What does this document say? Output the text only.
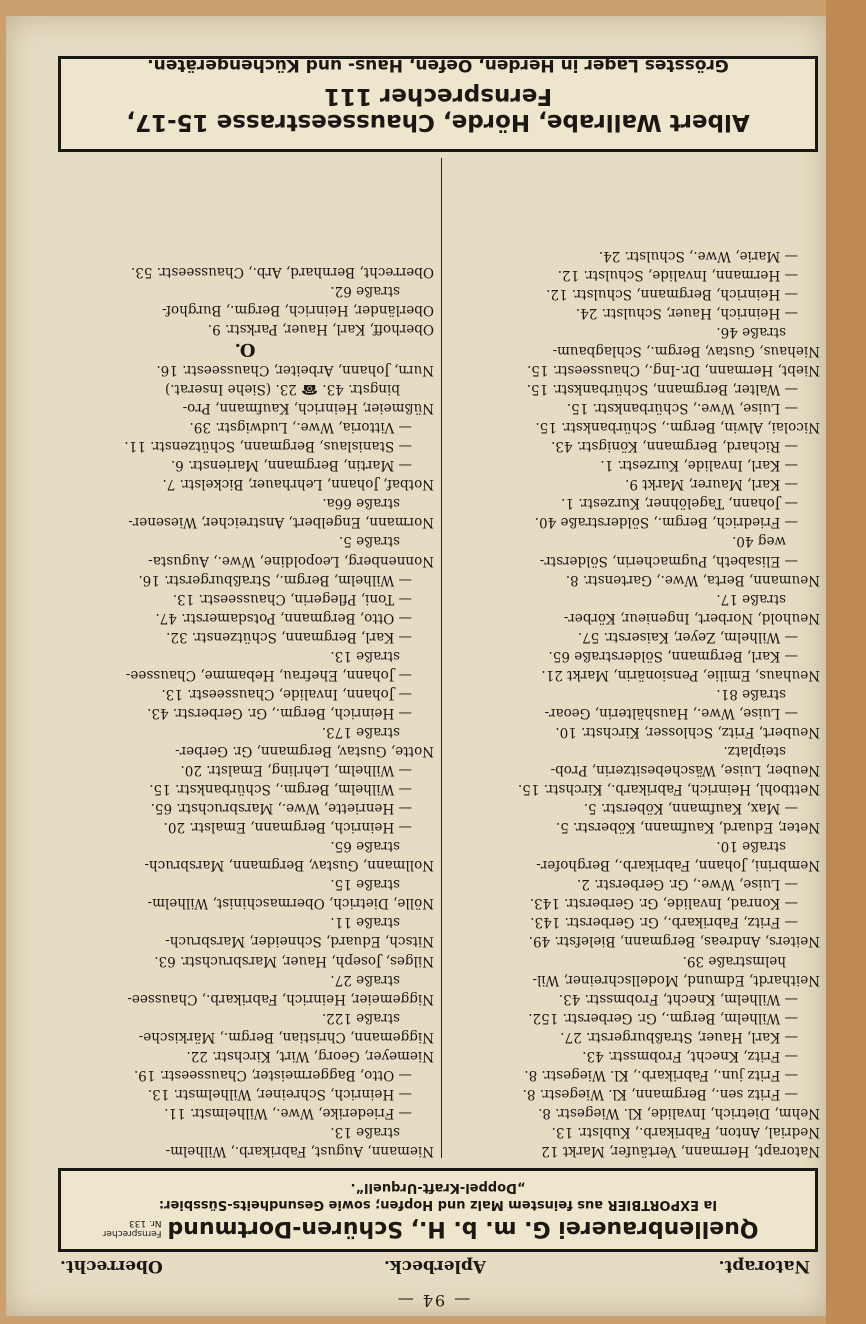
— 94 —
Natorapt.
Aplerbeck.
Oberrecht.
Quellenbrauerei G. m. b. H., Schüren-DortmundFernsprecher Nr. 133
Ia EXPORTBIER aus feinstem Malz und Hopfen; sowie Gesundheits-Süssbier:
„Doppel-Kraft-Urquell“.
Natorapt, Hermann, Vertäufer, Markt 12
Nedrial, Anton, Fabrikarb., Kublstr. 13.
Nehm, Dietrich, Invalide, Kl. Wiegestr. 8.
— Fritz sen., Bergmann, Kl. Wiegestr. 8.
— Fritz jun., Fabrikarb., Kl. Wiegestr. 8.
— Fritz, Knecht, Frobmsstr. 43.
— Karl, Hauer, Straßburgerstr. 27.
— Wilhelm, Bergm., Gr. Gerberstr. 152.
— Wilhelm, Knecht, Frobmsstr. 43.
Neithardt, Edmund, Modellschreiner, Wil-
helmstraße 39.
Neiters, Andreas, Bergmann, Bielefstr. 49.
— Fritz, Fabrikarb., Gr. Gerberstr. 143.
— Konrad, Invalide, Gr. Gerberstr. 143.
— Luise, Wwe., Gr. Gerberstr. 2.
Nembrini, Johann, Fabrikarb., Berghofer-
straße 10.
Neter, Eduard, Kaufmann, Köberstr. 5.
— Max, Kaufmann, Köberstr. 5.
Nettbohl, Heinrich, Fabrikarb., Kirchstr. 15.
Neuber, Luise, Wäschebesitzerin, Prob-
steiplatz.
Neubert, Fritz, Schlosser, Kirchstr. 10.
— Luise, Wwe., Haushälterin, Geoar-
straße 81.
Neuhaus, Emilie, Pensionärin, Markt 21.
— Karl, Bergmann, Sölderstraße 65.
— Wilhelm, Zeyer, Kaiserstr. 57.
Neuhold, Norbert, Ingenieur, Körber-
straße 17.
Neumann, Berta, Wwe., Gartenstr. 8.
— Elisabeth, Pugmacherin, Sölderstr-
weg 40.
— Friedrich, Bergm., Sölderstraße 40.
— Johann, Tagelöhner, Kurzestr. 1.
— Karl, Maurer, Markt 9.
— Karl, Invalide, Kurzestr. 1.
— Richard, Bergmann, Königstr. 43.
Nicolai, Alwin, Bergm., Schürbankstr. 15.
— Luise, Wwe., Schürbankstr. 15.
— Walter, Bergmann, Schürbankstr. 15.
Niebt, Hermann, Dr.-Ing., Chausseestr. 15.
Niehaus, Gustav, Bergm., Schlagbaum-
straße 46.
— Heinrich, Hauer, Schulstr. 24.
— Heinrich, Bergmann, Schulstr. 12.
— Hermann, Invalide, Schulstr. 12.
— Marie, Wwe., Schulstr. 24.
Niemann, August, Fabrikarb., Wilhelm-
straße 13.
— Friederike, Wwe., Wilhelmstr. 11.
— Heinrich, Schreiner, Wilhelmstr. 13.
— Otto, Baggermeister, Chausseestr. 19.
Niemeyer, Georg, Wirt, Kirchstr. 22.
Niggemann, Christian, Bergm., Märkische-
straße 122.
Niggemeier, Heinrich, Fabrikarb., Chaussee-
straße 27.
Nilges, Joseph, Hauer, Marsbruchstr. 63.
Nitsch, Eduard, Schneider, Marsbruch-
straße 11.
Nölle, Dietrich, Obermaschinist, Wilhelm-
straße 15.
Nollmann, Gustav, Bergmann, Marsbruch-
straße 65.
— Heinrich, Bergmann, Emalstr. 20.
— Henriette, Wwe., Marsbruchstr. 65.
— Wilhelm, Bergm., Schürbankstr. 15.
— Wilhelm, Lehrling, Emalstr. 20.
Notte, Gustav, Bergmann, Gr. Gerber-
straße 173.
— Heinrich, Bergm., Gr. Gerberstr. 43.
— Johann, Invalide, Chausseestr. 13.
— Johann, Ehefrau, Hebamme, Chaussee-
straße 13.
— Karl, Bergmann, Schützenstr. 32.
— Otto, Bergmann, Potsdamerstr. 47.
— Toni, Pflegerin, Chausseestr. 13.
— Wilhelm, Bergm., Straßburgerstr. 16.
Nonnenberg, Leopoldine, Wwe., Augusta-
straße 5.
Normann, Engelbert, Anstreicher, Wiesener-
straße 66a.
Notbaf, Johann, Lehrhauer, Bickelstr. 7.
— Martin, Bergmann, Marienstr. 6.
— Stanislaus, Bergmann, Schützenstr. 11.
— Vittoria, Wwe., Ludwigstr. 39.
Nüßmeier, Heinrich, Kaufmann, Pro-
bingstr. 43. ☎ 23. (Siehe Inserat.)
Nurn, Johann, Arbeiter, Chausseestr. 16.
O.
Oberhoff, Karl, Hauer, Parkstr. 9.
Oberländer, Heinrich, Bergm., Burghof-
straße 62.
Oberrecht, Bernhard, Arb., Chausseestr. 53.
Albert Wallrabe, Hörde, Chausseestrasse 15-17, Fernsprecher 111
Grösstes Lager in Herden, Oefen, Haus- und Küchengeräten.
